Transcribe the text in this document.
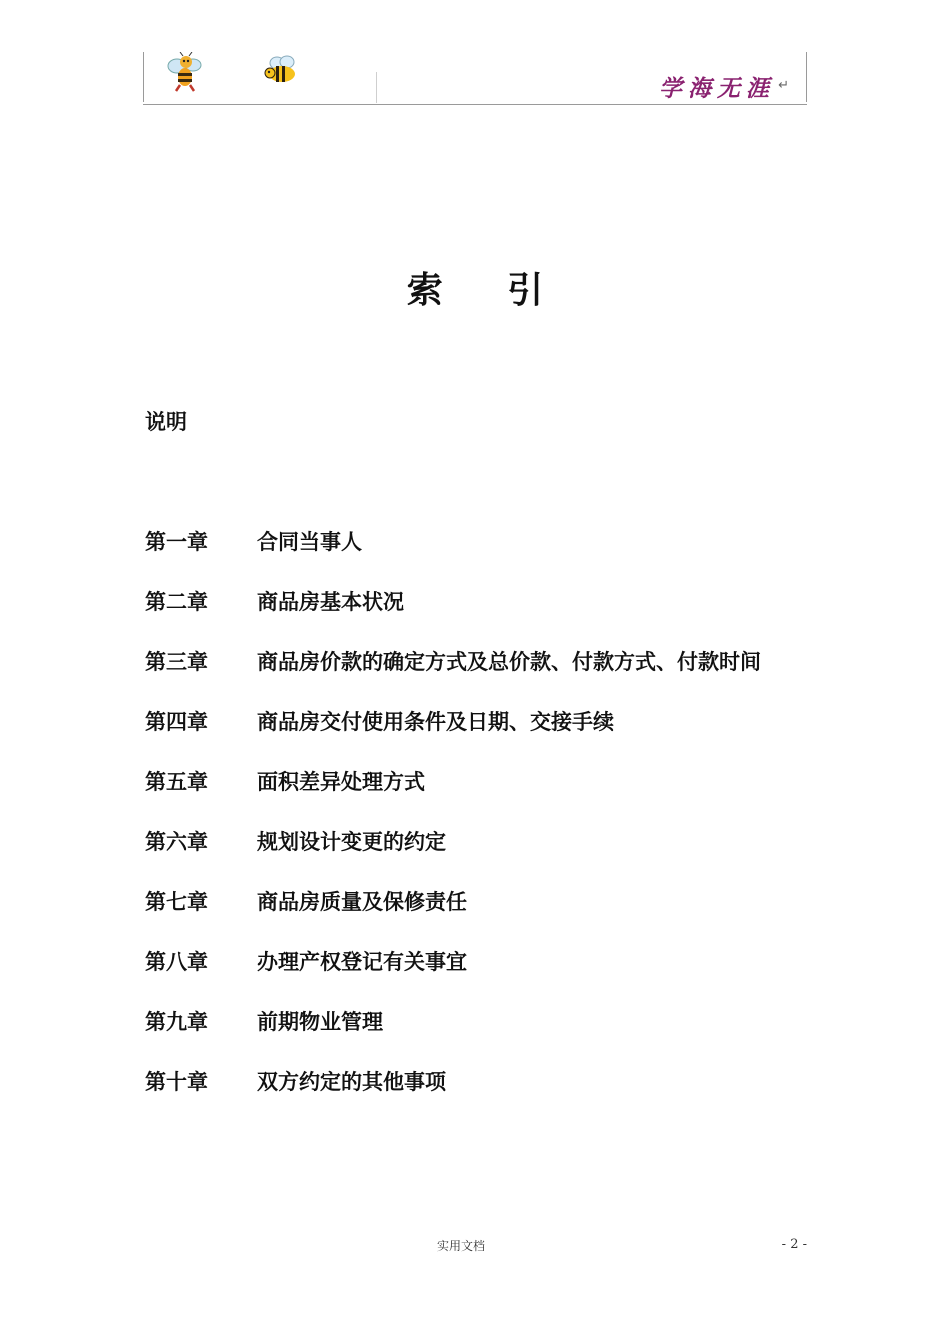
学海无涯 ↵
索 引
说明
第一章 合同当事人
第二章 商品房基本状况
第三章 商品房价款的确定方式及总价款、付款方式、付款时间
第四章 商品房交付使用条件及日期、交接手续
第五章 面积差异处理方式
第六章 规划设计变更的约定
第七章 商品房质量及保修责任
第八章 办理产权登记有关事宜
第九章 前期物业管理
第十章 双方约定的其他事项
实用文档	- 2 -
